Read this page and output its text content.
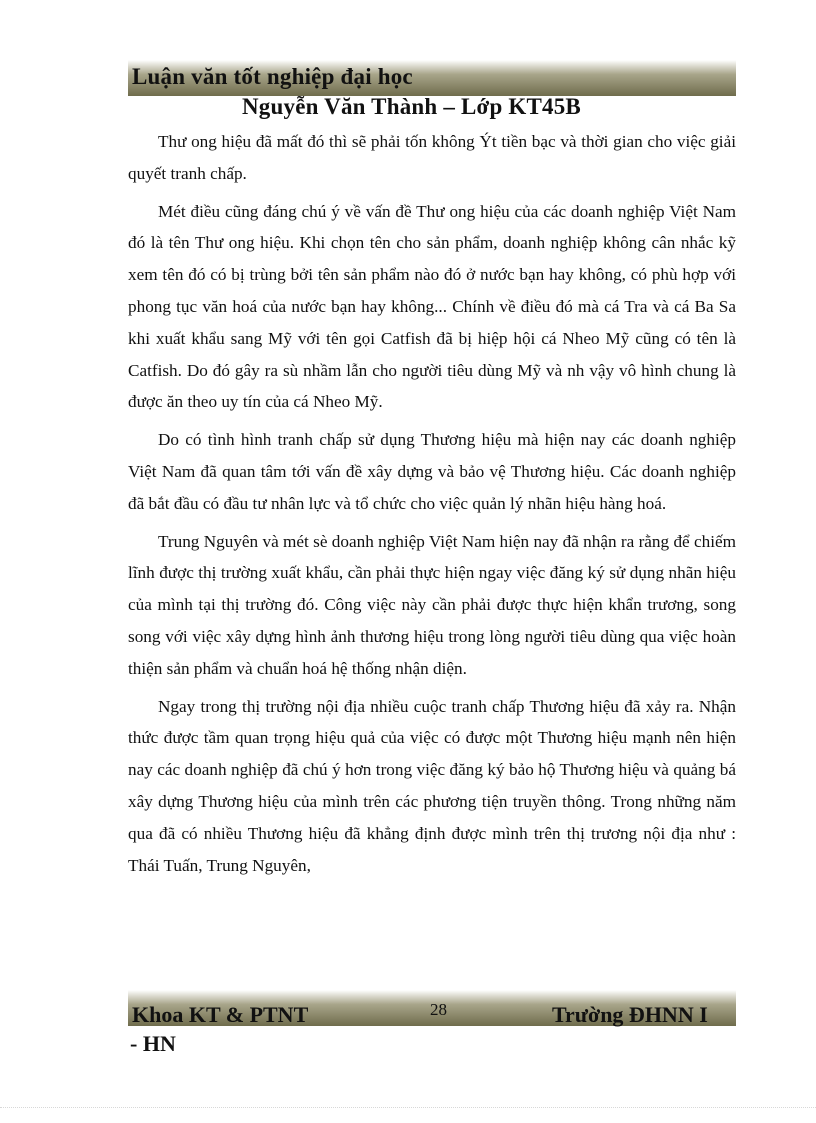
Luận văn tốt nghiệp đại học
Nguyễn Văn Thành – Lớp KT45B

Thư ong hiệu đã mất đó thì sẽ phải tốn không Ýt tiền bạc và thời gian cho việc giải quyết tranh chấp.

Mét điều cũng đáng chú ý về vấn đề Thư ong hiệu của các doanh nghiệp Việt Nam đó là tên Thư ong hiệu. Khi chọn tên cho sản phẩm, doanh nghiệp không cân nhắc kỹ xem tên đó có bị trùng bởi tên sản phẩm nào đó ở nước bạn hay không, có phù hợp với phong tục văn hoá của nước bạn hay không... Chính về điều đó mà cá Tra và cá Ba Sa khi xuất khẩu sang Mỹ với tên gọi Catfish đã bị hiệp hội cá Nheo Mỹ cũng có tên là Catfish. Do đó gây ra sù nhầm lẫn cho người tiêu dùng Mỹ và nh vậy vô hình chung là được ăn theo uy tín của cá Nheo Mỹ.

Do có tình hình tranh chấp sử dụng Thương hiệu mà hiện nay các doanh nghiệp Việt Nam đã quan tâm tới vấn đề xây dựng và bảo vệ Thương hiệu. Các doanh nghiệp đã bắt đầu có đầu tư nhân lực và tổ chức cho việc quản lý nhãn hiệu hàng hoá.

Trung Nguyên và mét sè doanh nghiệp Việt Nam hiện nay đã nhận ra rằng để chiếm lĩnh được thị trường xuất khẩu, cần phải thực hiện ngay việc đăng ký sử dụng nhãn hiệu của mình tại thị trường đó. Công việc này cần phải được thực hiện khẩn trương, song song với việc xây dựng hình ảnh thương hiệu trong lòng người tiêu dùng qua việc hoàn thiện sản phẩm và chuẩn hoá hệ thống nhận diện.

Ngay trong thị trường nội địa nhiều cuộc tranh chấp Thương hiệu đã xảy ra. Nhận thức được tầm quan trọng hiệu quả của việc có được một Thương hiệu mạnh nên hiện nay các doanh nghiệp đã chú ý hơn trong việc đăng ký bảo hộ Thương hiệu và quảng bá xây dựng Thương hiệu của mình trên các phương tiện truyền thông. Trong những năm qua đã có nhiều Thương hiệu đã khẳng định được mình trên thị trương nội địa như : Thái Tuấn, Trung Nguyên,

Khoa KT & PTNT	28	Trường ĐHNN I
- HN
